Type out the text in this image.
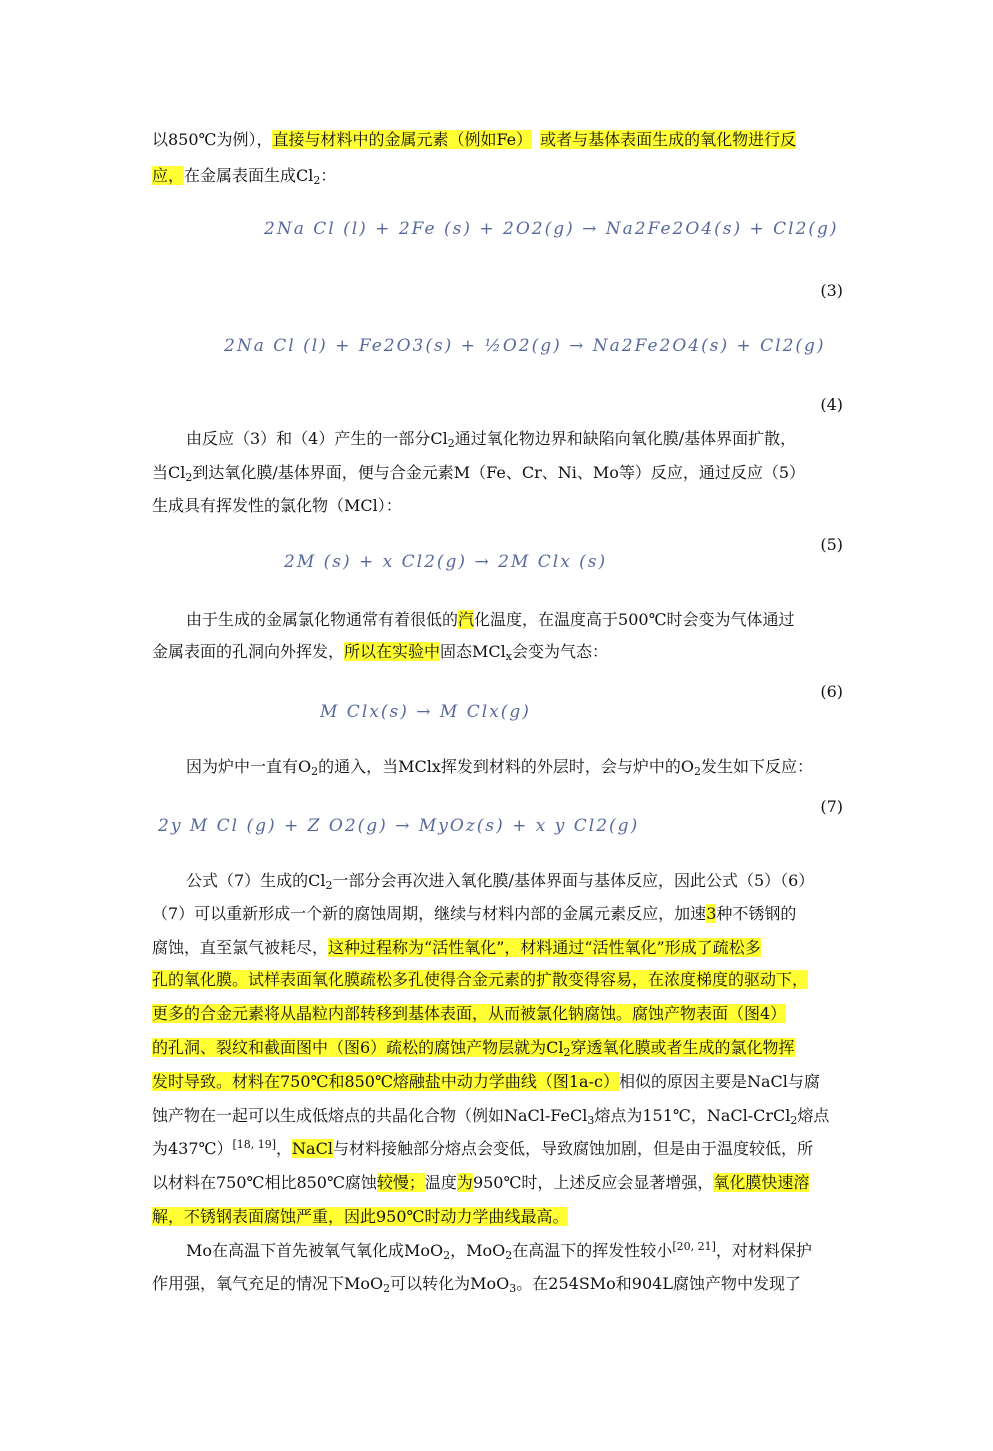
以850℃为例），直接与材料中的金属元素（例如Fe） 或者与基体表面生成的氧化物进行反
应，在金属表面生成$Cl_2$：
2Na Cl (l) + 2Fe (s) + 2O2(g) → Na2Fe2O4(s) + Cl2(g)
(3)
2Na Cl (l) + Fe2O3(s) + ½O2(g) → Na2Fe2O4(s) + Cl2(g)
(4)
由反应（3）和（4）产生的一部分$Cl_2$通过氧化物边界和缺陷向氧化膜/基体界面扩散，
当$Cl_2$到达氧化膜/基体界面，便与合金元素M（Fe、Cr、Ni、Mo等）反应，通过反应（5）
生成具有挥发性的氯化物（MCl）：
2M (s) + x Cl2(g) → 2M Clx (s)
(5)
由于生成的金属氯化物通常有着很低的汽化温度，在温度高于500℃时会变为气体通过
金属表面的孔洞向外挥发，所以在实验中固态MCl$_x$会变为气态：
M Clx(s) → M Clx(g)
(6)
因为炉中一直有$O_2$的通入，当MClx挥发到材料的外层时，会与炉中的$O_2$发生如下反应：
2y M Cl (g) + Z O2(g) → MyOz(s) + x y Cl2(g)
(7)
公式（7）生成的$Cl_2$一部分会再次进入氧化膜/基体界面与基体反应，因此公式（5）（6）
（7）可以重新形成一个新的腐蚀周期，继续与材料内部的金属元素反应，加速3种不锈钢的
腐蚀，直至氯气被耗尽，这种过程称为“活性氧化”，材料通过“活性氧化”形成了疏松多
孔的氧化膜。试样表面氧化膜疏松多孔使得合金元素的扩散变得容易，在浓度梯度的驱动下，
更多的合金元素将从晶粒内部转移到基体表面，从而被氯化钠腐蚀。腐蚀产物表面（图4）
的孔洞、裂纹和截面图中（图6）疏松的腐蚀产物层就为$Cl_2$穿透氧化膜或者生成的氯化物挥
发时导致。材料在750℃和850℃熔融盐中动力学曲线（图1a-c）相似的原因主要是NaCl与腐
蚀产物在一起可以生成低熔点的共晶化合物（例如NaCl-FeCl$_3$熔点为151℃，NaCl-CrCl$_2$熔点
为437℃）[18, 19]，NaCl与材料接触部分熔点会变低，导致腐蚀加剧，但是由于温度较低，所
以材料在750℃相比850℃腐蚀较慢；温度为950℃时，上述反应会显著增强，氧化膜快速溶
解，不锈钢表面腐蚀严重，因此950℃时动力学曲线最高。
Mo在高温下首先被氧气氧化成MoO$_2$，MoO$_2$在高温下的挥发性较小[20, 21]，对材料保护
作用强，氧气充足的情况下MoO$_2$可以转化为MoO$_3$。在254SMo和904L腐蚀产物中发现了
